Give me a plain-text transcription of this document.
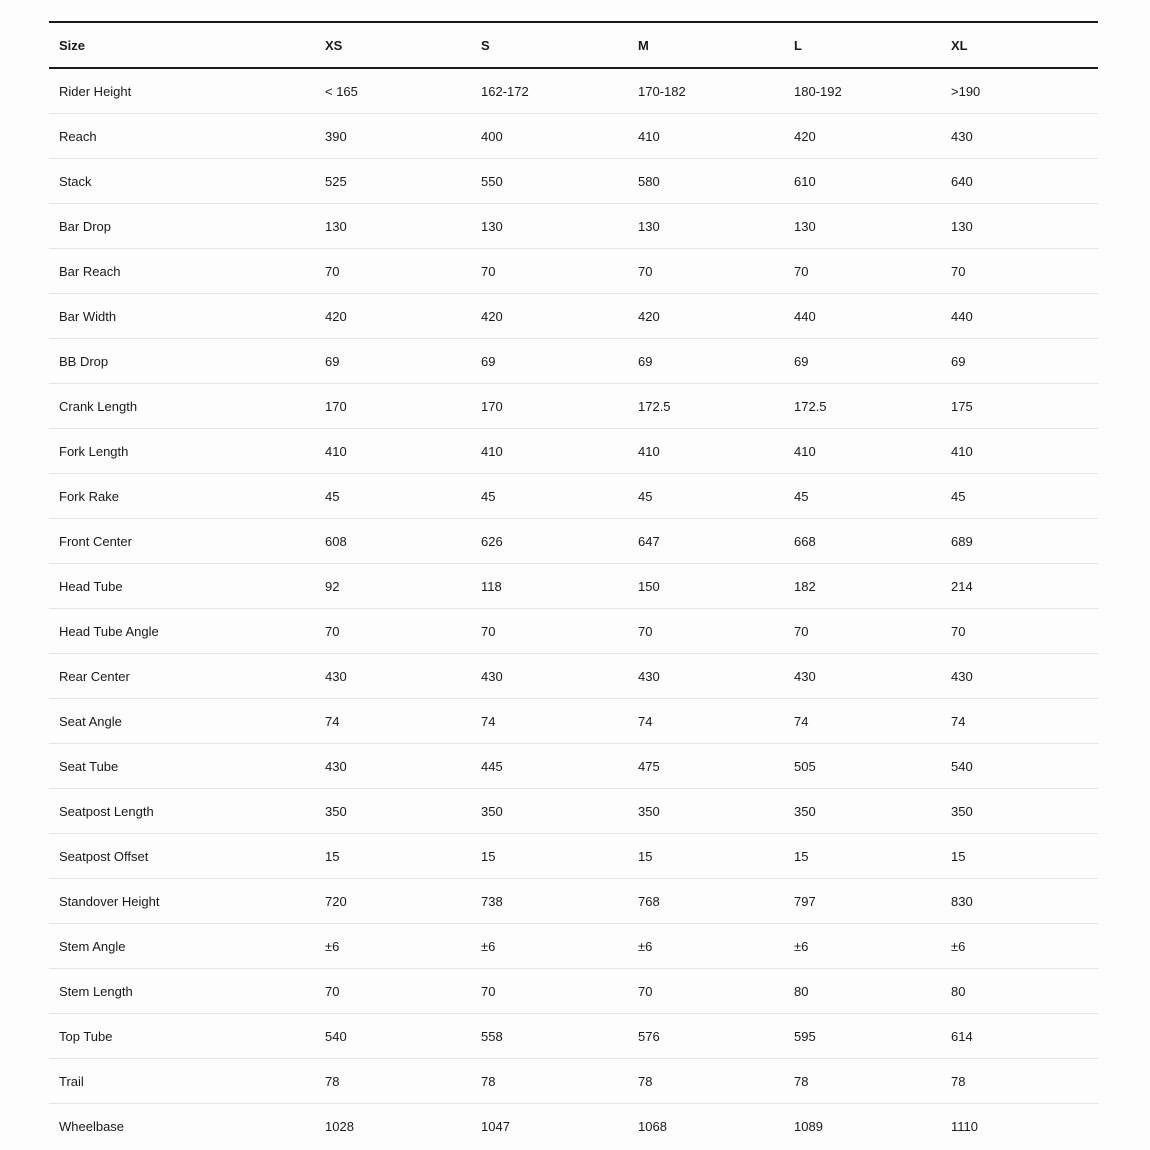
Size	XS	S	M	L	XL
Rider Height	< 165	162-172	170-182	180-192	>190
Reach	390	400	410	420	430
Stack	525	550	580	610	640
Bar Drop	130	130	130	130	130
Bar Reach	70	70	70	70	70
Bar Width	420	420	420	440	440
BB Drop	69	69	69	69	69
Crank Length	170	170	172.5	172.5	175
Fork Length	410	410	410	410	410
Fork Rake	45	45	45	45	45
Front Center	608	626	647	668	689
Head Tube	92	118	150	182	214
Head Tube Angle	70	70	70	70	70
Rear Center	430	430	430	430	430
Seat Angle	74	74	74	74	74
Seat Tube	430	445	475	505	540
Seatpost Length	350	350	350	350	350
Seatpost Offset	15	15	15	15	15
Standover Height	720	738	768	797	830
Stem Angle	±6	±6	±6	±6	±6
Stem Length	70	70	70	80	80
Top Tube	540	558	576	595	614
Trail	78	78	78	78	78
Wheelbase	1028	1047	1068	1089	1110
